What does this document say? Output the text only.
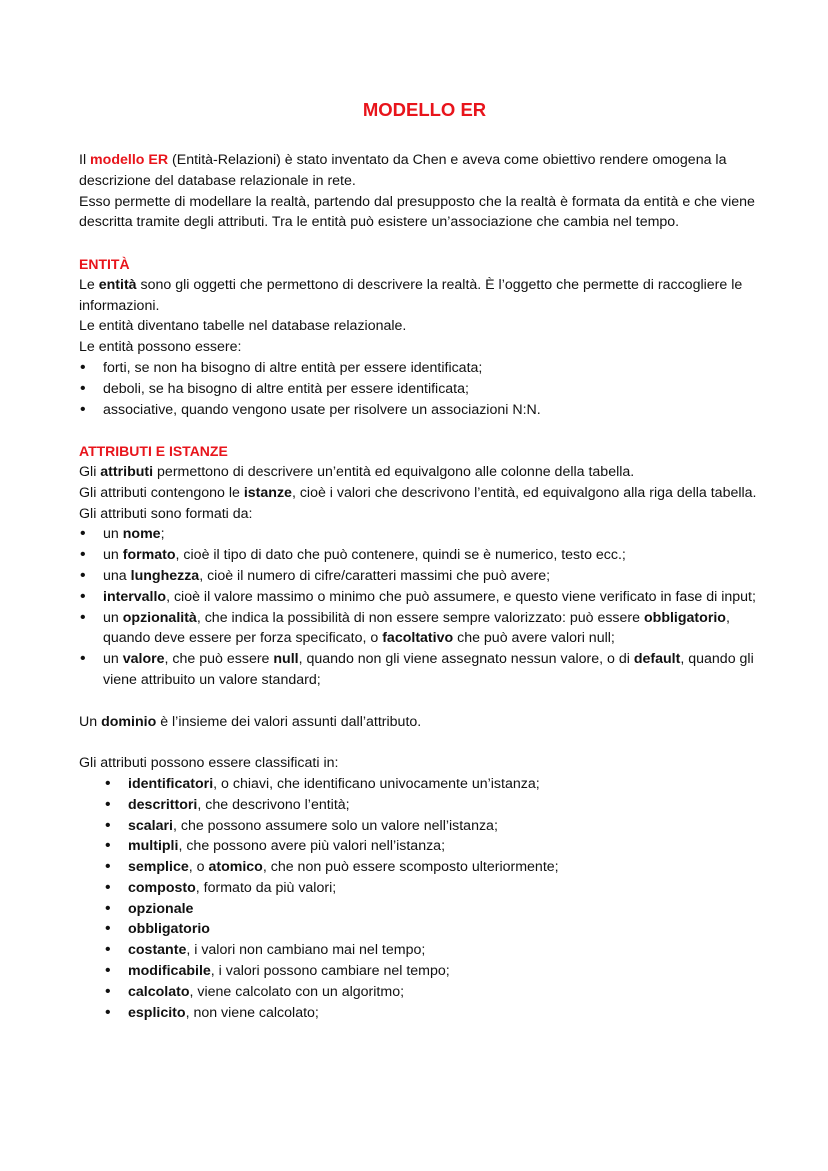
MODELLO ER

Il modello ER (Entità-Relazioni) è stato inventato da Chen e aveva come obiettivo rendere omogena la descrizione del database relazionale in rete.

Esso permette di modellare la realtà, partendo dal presupposto che la realtà è formata da entità e che viene descritta tramite degli attributi. Tra le entità può esistere un’associazione che cambia nel tempo.

ENTITÀ

Le entità sono gli oggetti che permettono di descrivere la realtà. È l’oggetto che permette di raccogliere le informazioni.

Le entità diventano tabelle nel database relazionale.

Le entità possono essere:

• forti, se non ha bisogno di altre entità per essere identificata;
• deboli, se ha bisogno di altre entità per essere identificata;
• associative, quando vengono usate per risolvere un associazioni N:N.
ATTRIBUTI E ISTANZE

Gli attributi permettono di descrivere un’entità ed equivalgono alle colonne della tabella.

Gli attributi contengono le istanze, cioè i valori che descrivono l’entità, ed equivalgono alla riga della tabella.

Gli attributi sono formati da:

• un nome;
• un formato, cioè il tipo di dato che può contenere, quindi se è numerico, testo ecc.;
• una lunghezza, cioè il numero di cifre/caratteri massimi che può avere;
• intervallo, cioè il valore massimo o minimo che può assumere, e questo viene verificato in fase di input;
• un opzionalità, che indica la possibilità di non essere sempre valorizzato: può essere obbligatorio, quando deve essere per forza specificato, o facoltativo che può avere valori null;
• un valore, che può essere null, quando non gli viene assegnato nessun valore, o di default, quando gli viene attribuito un valore standard;

Un dominio è l’insieme dei valori assunti dall’attributo.

Gli attributi possono essere classificati in:

• identificatori, o chiavi, che identificano univocamente un’istanza;
• descrittori, che descrivono l’entità;
• scalari, che possono assumere solo un valore nell’istanza;
• multipli, che possono avere più valori nell’istanza;
• semplice, o atomico, che non può essere scomposto ulteriormente;
• composto, formato da più valori;
• opzionale
• obbligatorio
• costante, i valori non cambiano mai nel tempo;
• modificabile, i valori possono cambiare nel tempo;
• calcolato, viene calcolato con un algoritmo;
• esplicito, non viene calcolato;
